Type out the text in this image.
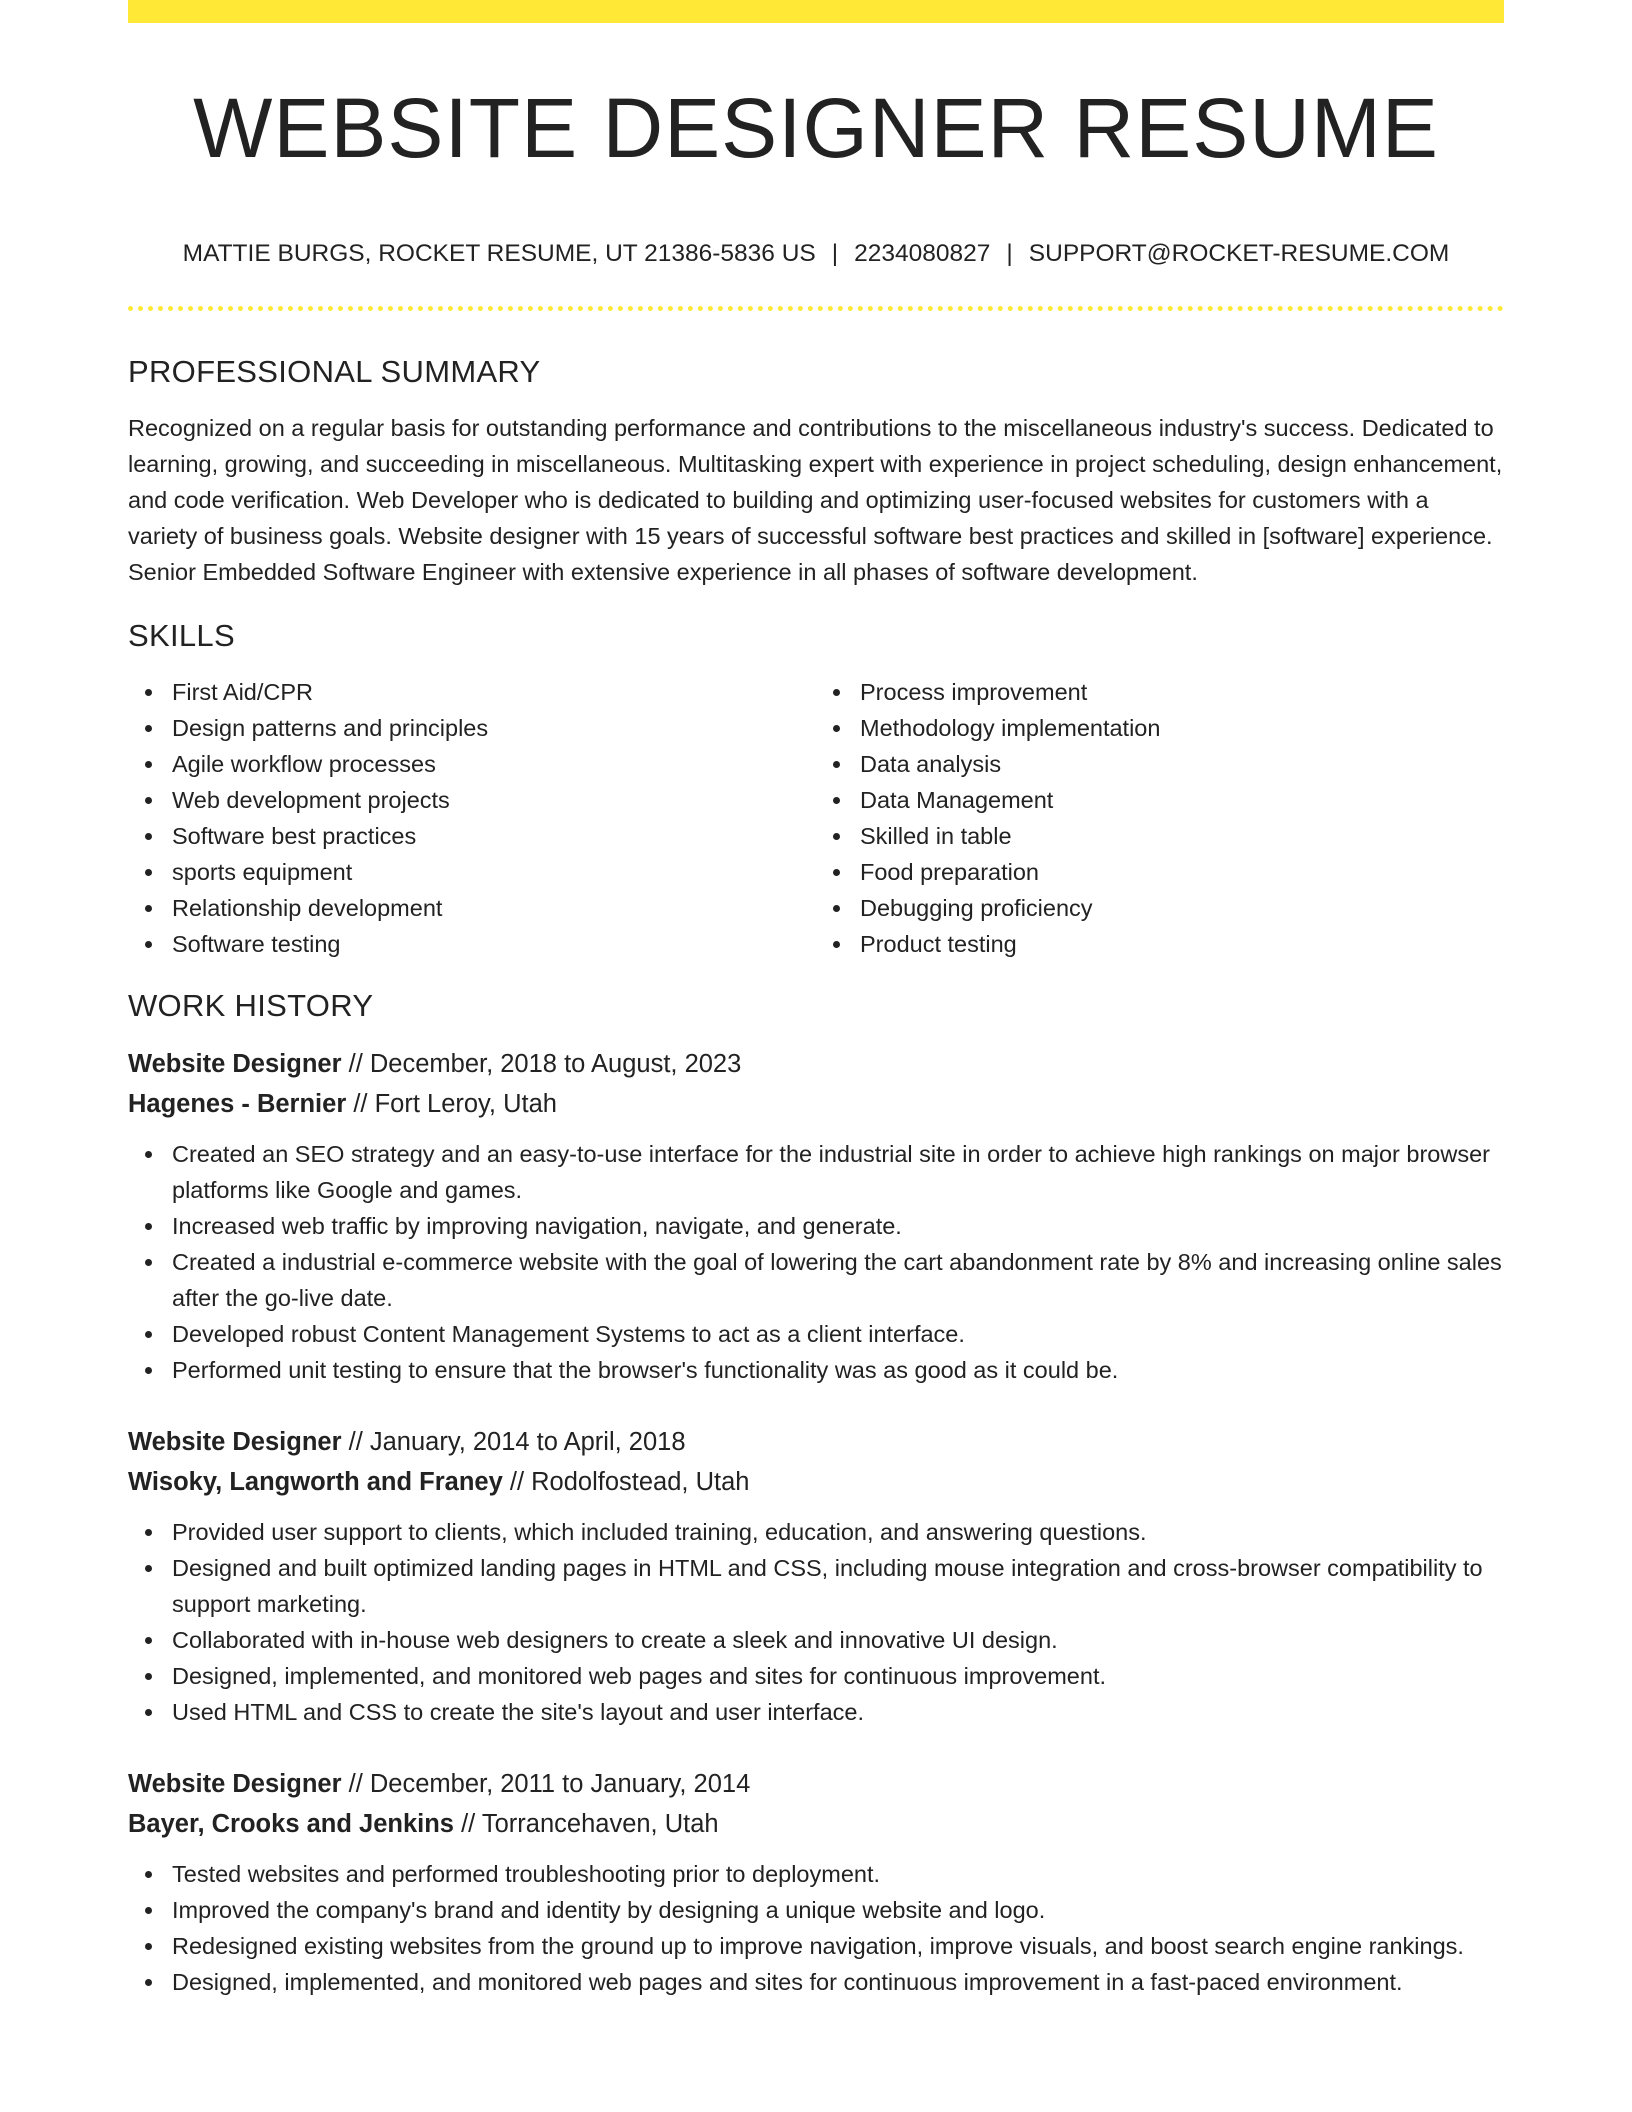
WEBSITE DESIGNER RESUME
MATTIE BURGS, ROCKET RESUME, UT 21386-5836 US | 2234080827 | SUPPORT@ROCKET-RESUME.COM
PROFESSIONAL SUMMARY

Recognized on a regular basis for outstanding performance and contributions to the miscellaneous industry's success. Dedicated to learning, growing, and succeeding in miscellaneous. Multitasking expert with experience in project scheduling, design enhancement, and code verification. Web Developer who is dedicated to building and optimizing user-focused websites for customers with a variety of business goals. Website designer with 15 years of successful software best practices and skilled in [software] experience. Senior Embedded Software Engineer with extensive experience in all phases of software development.

SKILLS
First Aid/CPR
Design patterns and principles
Agile workflow processes
Web development projects
Software best practices
sports equipment
Relationship development
Software testing
Process improvement
Methodology implementation
Data analysis
Data Management
Skilled in table
Food preparation
Debugging proficiency
Product testing
WORK HISTORY
Website Designer // December, 2018 to August, 2023
Hagenes - Bernier // Fort Leroy, Utah
Created an SEO strategy and an easy-to-use interface for the industrial site in order to achieve high rankings on major browser platforms like Google and games.
Increased web traffic by improving navigation, navigate, and generate.
Created a industrial e-commerce website with the goal of lowering the cart abandonment rate by 8% and increasing online sales after the go-live date.
Developed robust Content Management Systems to act as a client interface.
Performed unit testing to ensure that the browser's functionality was as good as it could be.
Website Designer // January, 2014 to April, 2018
Wisoky, Langworth and Franey // Rodolfostead, Utah
Provided user support to clients, which included training, education, and answering questions.
Designed and built optimized landing pages in HTML and CSS, including mouse integration and cross-browser compatibility to support marketing.
Collaborated with in-house web designers to create a sleek and innovative UI design.
Designed, implemented, and monitored web pages and sites for continuous improvement.
Used HTML and CSS to create the site's layout and user interface.
Website Designer // December, 2011 to January, 2014
Bayer, Crooks and Jenkins // Torrancehaven, Utah
Tested websites and performed troubleshooting prior to deployment.
Improved the company's brand and identity by designing a unique website and logo.
Redesigned existing websites from the ground up to improve navigation, improve visuals, and boost search engine rankings.
Designed, implemented, and monitored web pages and sites for continuous improvement in a fast-paced environment.
